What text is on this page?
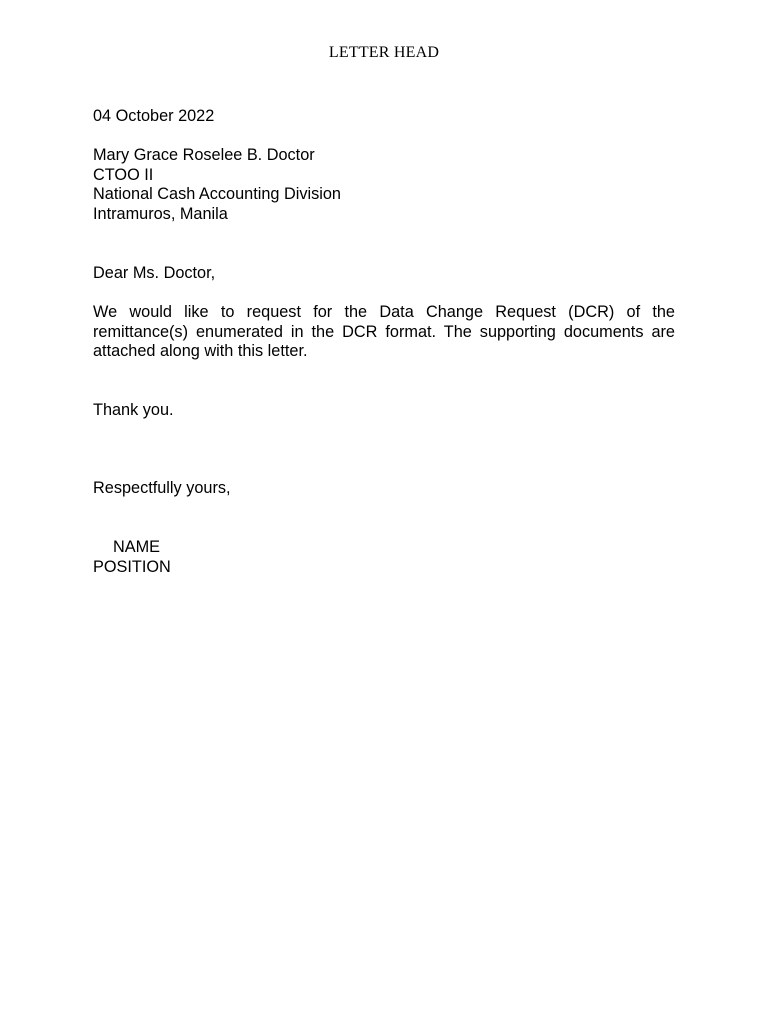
LETTER HEAD
04 October 2022
Mary Grace Roselee B. Doctor
CTOO II
National Cash Accounting Division
Intramuros, Manila
Dear Ms. Doctor,
We would like to request for the Data Change Request (DCR) of the remittance(s) enumerated in the DCR format. The supporting documents are attached along with this letter.
Thank you.
Respectfully yours,
NAME
POSITION
